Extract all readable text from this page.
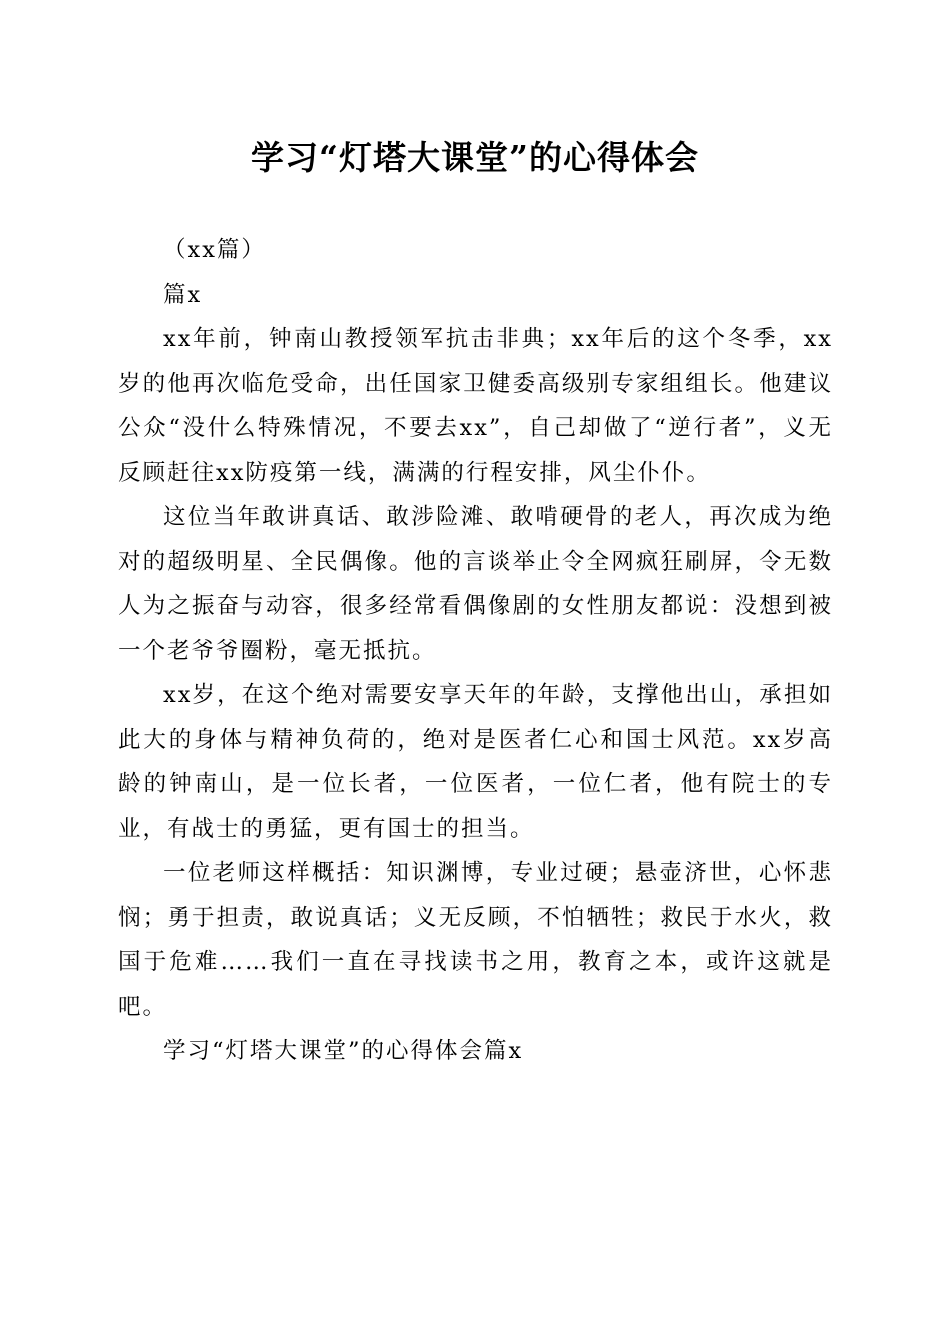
学习“灯塔大课堂”的心得体会

（xx篇）

篇x

xx年前，钟南山教授领军抗击非典；xx年后的这个冬季，xx岁的他再次临危受命，出任国家卫健委高级别专家组组长。他建议公众“没什么特殊情况，不要去xx”，自己却做了“逆行者”，义无反顾赶往xx防疫第一线，满满的行程安排，风尘仆仆。

这位当年敢讲真话、敢涉险滩、敢啃硬骨的老人，再次成为绝对的超级明星、全民偶像。他的言谈举止令全网疯狂刷屏，令无数人为之振奋与动容，很多经常看偶像剧的女性朋友都说：没想到被一个老爷爷圈粉，毫无抵抗。

xx岁，在这个绝对需要安享天年的年龄，支撑他出山，承担如此大的身体与精神负荷的，绝对是医者仁心和国士风范。xx岁高龄的钟南山，是一位长者，一位医者，一位仁者，他有院士的专业，有战士的勇猛，更有国士的担当。

一位老师这样概括：知识渊博，专业过硬；悬壶济世，心怀悲悯；勇于担责，敢说真话；义无反顾，不怕牺牲；救民于水火，救国于危难……我们一直在寻找读书之用，教育之本，或许这就是吧。

学习“灯塔大课堂”的心得体会篇x
